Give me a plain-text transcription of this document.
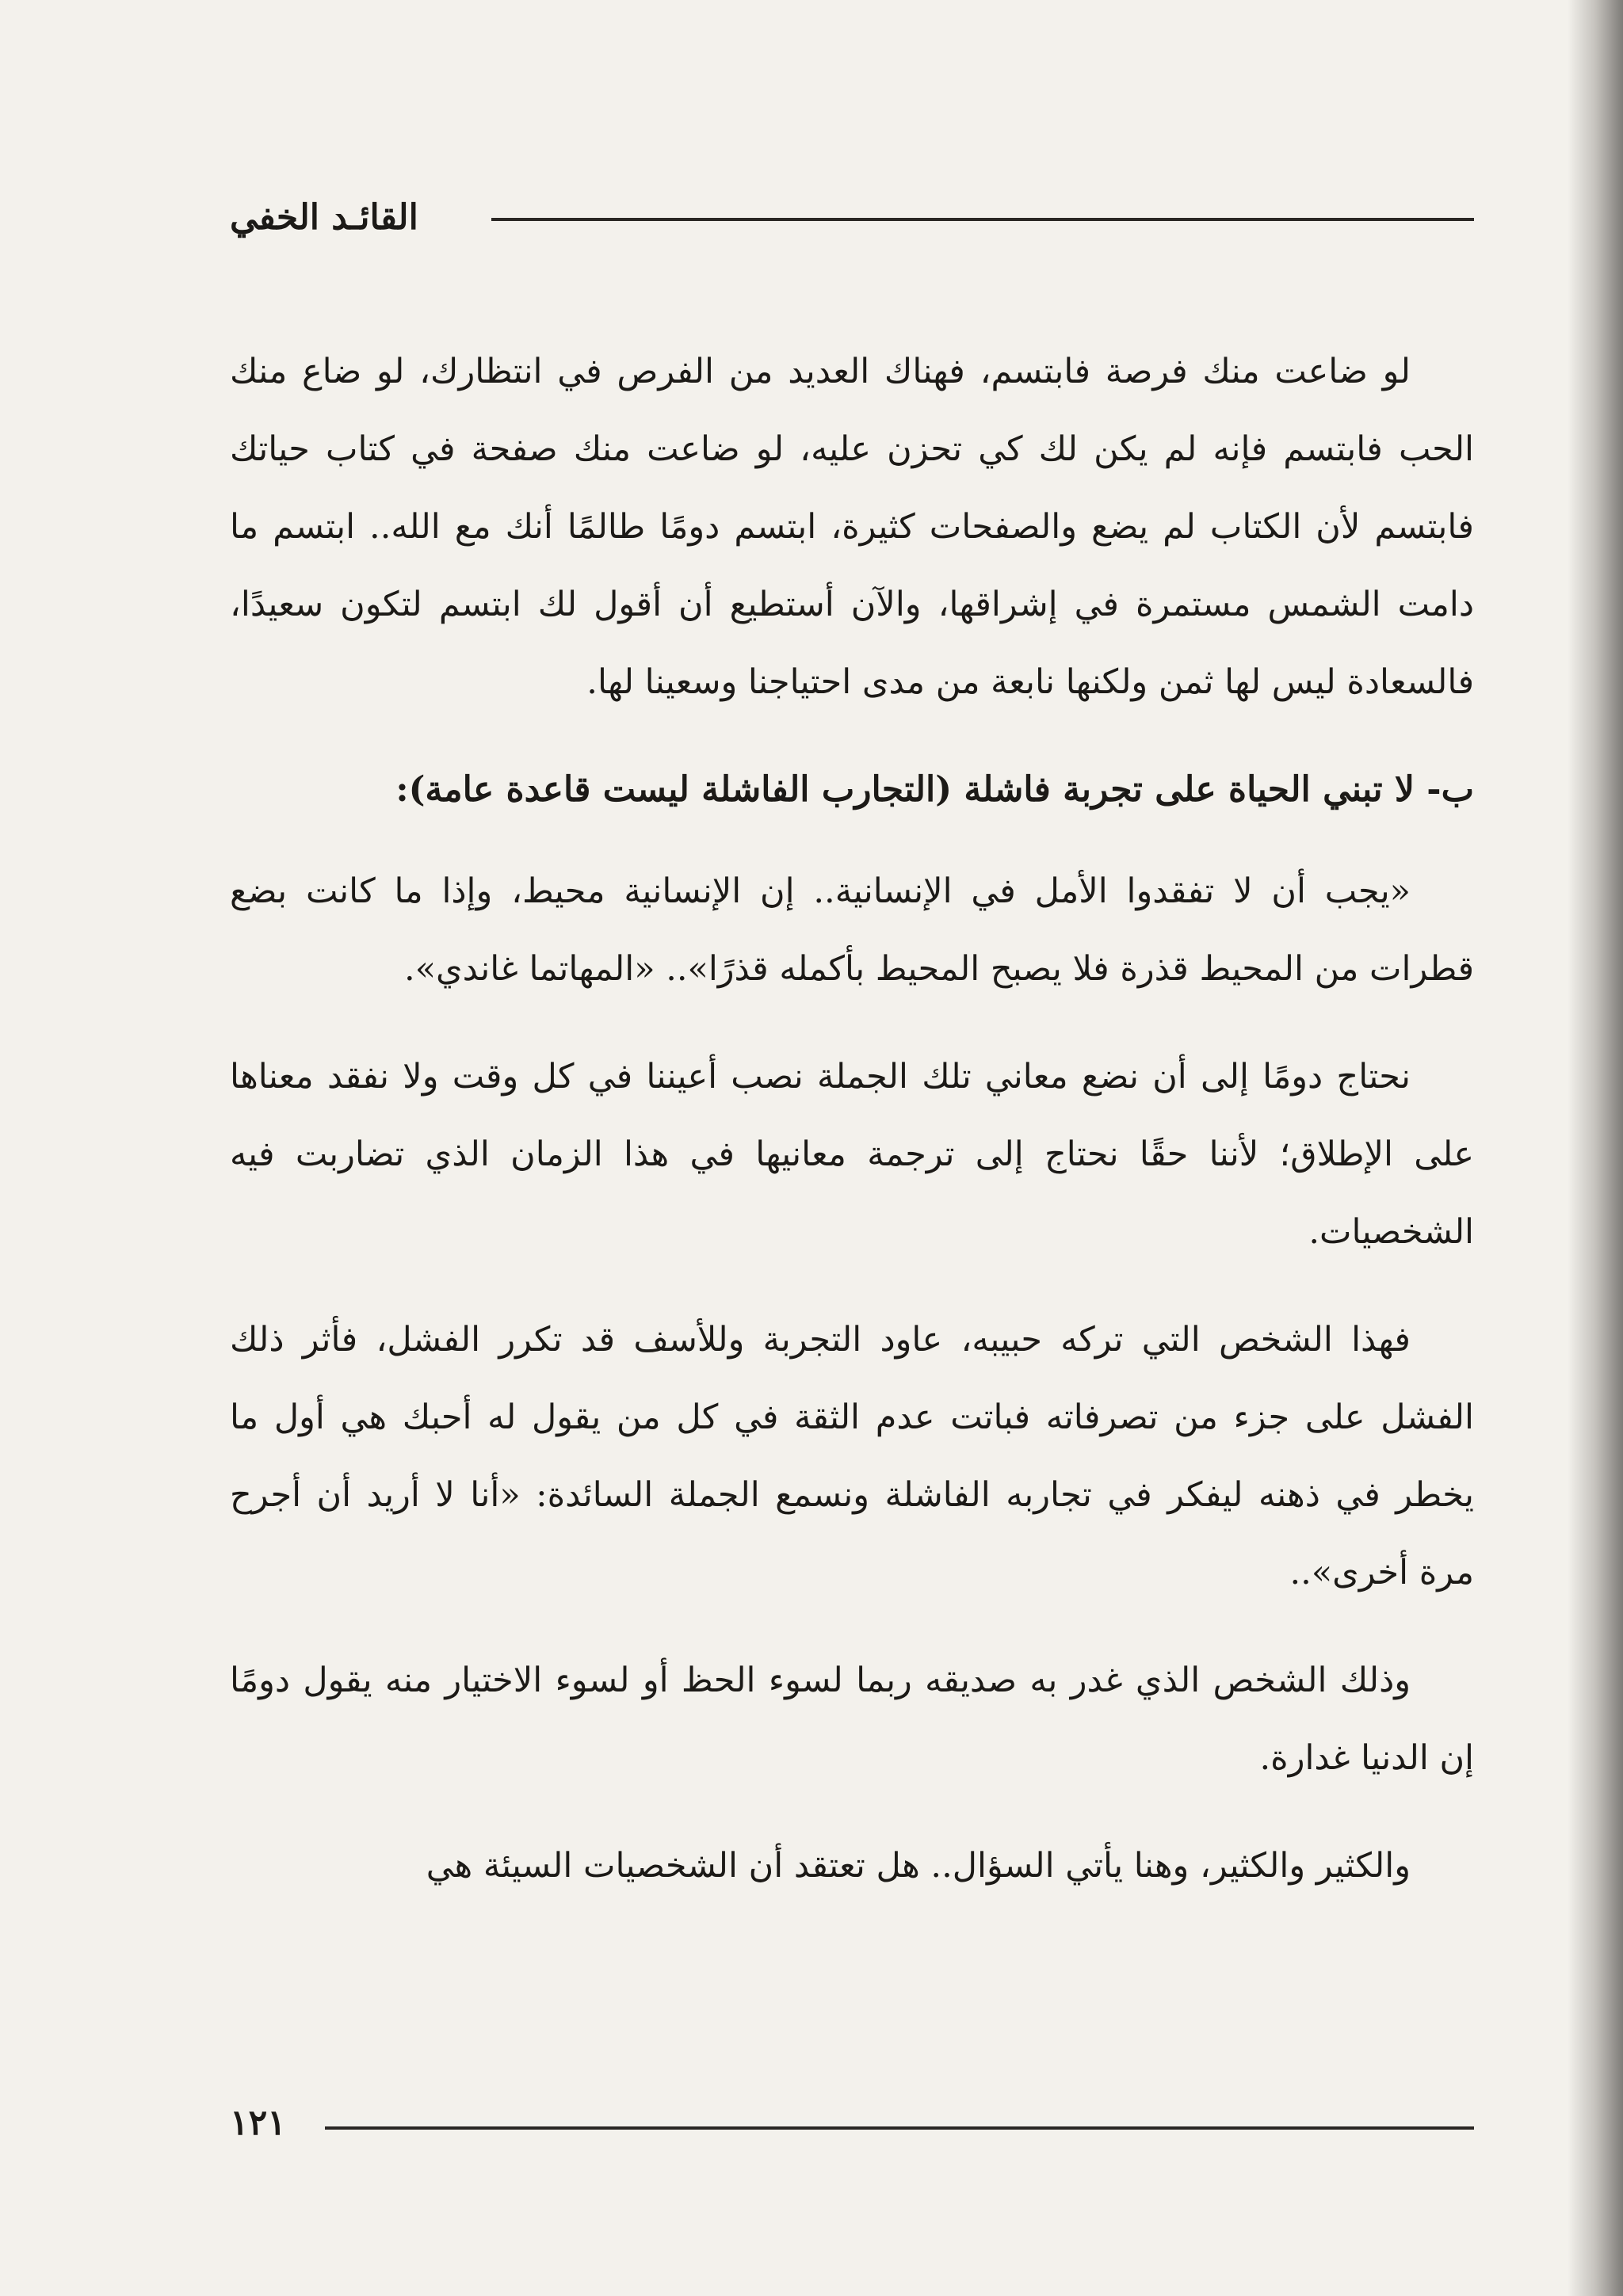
القائـد الخفي

لو ضاعت منك فرصة فابتسم، فهناك العديد من الفرص في انتظارك، لو ضاع منك الحب فابتسم فإنه لم يكن لك كي تحزن عليه، لو ضاعت منك صفحة في كتاب حياتك فابتسم لأن الكتاب لم يضع والصفحات كثيرة، ابتسم دومًا طالمًا أنك مع الله.. ابتسم ما دامت الشمس مستمرة في إشراقها، والآن أستطيع أن أقول لك ابتسم لتكون سعيدًا، فالسعادة ليس لها ثمن ولكنها نابعة من مدى احتياجنا وسعينا لها.

ب- لا تبني الحياة على تجربة فاشلة (التجارب الفاشلة ليست قاعدة عامة):

«يجب أن لا تفقدوا الأمل في الإنسانية.. إن الإنسانية محيط، وإذا ما كانت بضع قطرات من المحيط قذرة فلا يصبح المحيط بأكمله قذرًا».. «المهاتما غاندي».

نحتاج دومًا إلى أن نضع معاني تلك الجملة نصب أعيننا في كل وقت ولا نفقد معناها على الإطلاق؛ لأننا حقًا نحتاج إلى ترجمة معانيها في هذا الزمان الذي تضاربت فيه الشخصيات.

فهذا الشخص التي تركه حبيبه، عاود التجربة وللأسف قد تكرر الفشل، فأثر ذلك الفشل على جزء من تصرفاته فباتت عدم الثقة في كل من يقول له أحبك هي أول ما يخطر في ذهنه ليفكر في تجاربه الفاشلة ونسمع الجملة السائدة: «أنا لا أريد أن أجرح مرة أخرى»..

وذلك الشخص الذي غدر به صديقه ربما لسوء الحظ أو لسوء الاختيار منه يقول دومًا إن الدنيا غدارة.

والكثير والكثير، وهنا يأتي السؤال.. هل تعتقد أن الشخصيات السيئة هي

١٢١
